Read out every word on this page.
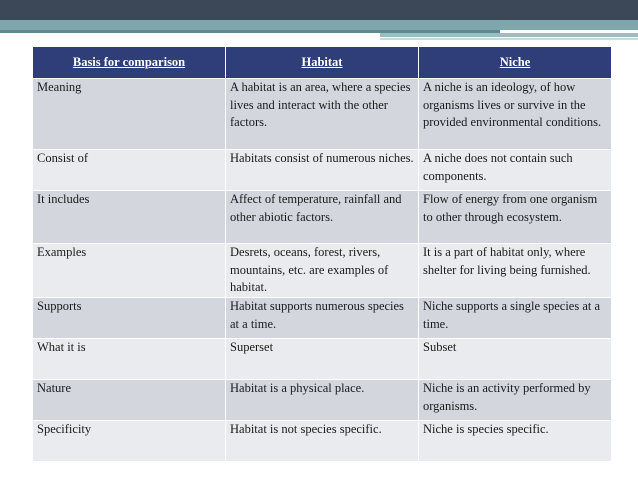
Basis for comparison	Habitat	Niche
Meaning	A habitat is an area, where a species lives and interact with the other factors.	A niche is an ideology, of how organisms lives or survive in the provided environmental conditions.
Consist of	Habitats consist of numerous niches.	A niche does not contain such components.
It includes	Affect of temperature, rainfall and other abiotic factors.	Flow of energy from one organism to other through ecosystem.
Examples	Desrets, oceans, forest, rivers, mountains, etc. are examples of habitat.	It is a part of habitat only, where shelter for living being furnished.
Supports	Habitat supports numerous species at a time.	Niche supports a single species at a time.
What it is	Superset	Subset
Nature	Habitat is a physical place.	Niche is an activity performed by organisms.
Specificity	Habitat is not species specific.	Niche is species specific.
